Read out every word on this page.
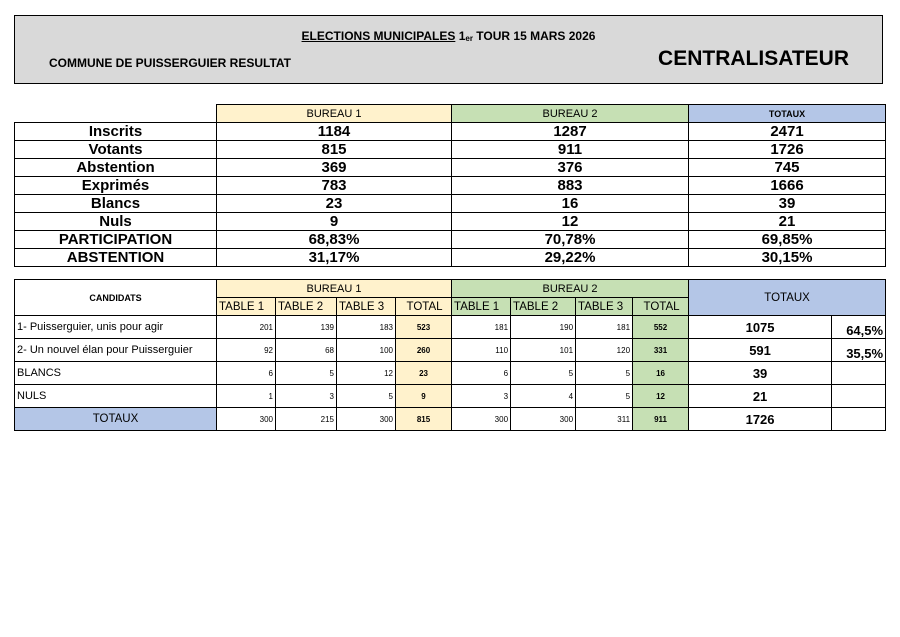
ELECTIONS MUNICIPALES 1er TOUR 15 MARS 2026
COMMUNE DE PUISSERGUIER RESULTAT	CENTRALISATEUR
	BUREAU 1	BUREAU 2	TOTAUX
Inscrits	1184	1287	2471
Votants	815	911	1726
Abstention	369	376	745
Exprimés	783	883	1666
Blancs	23	16	39
Nuls	9	12	21
PARTICIPATION	68,83%	70,78%	69,85%
ABSTENTION	31,17%	29,22%	30,15%
CANDIDATS	BUREAU 1				BUREAU 2				TOTAUX	
	TABLE 1	TABLE 2	TABLE 3	TOTAL	TABLE 1	TABLE 2	TABLE 3	TOTAL		
1- Puisserguier, unis pour agir	201	139	183	523	181	190	181	552	1075	64,5%
2- Un nouvel élan pour Puisserguier	92	68	100	260	110	101	120	331	591	35,5%
BLANCS	6	5	12	23	6	5	5	16	39	
NULS	1	3	5	9	3	4	5	12	21	
TOTAUX	300	215	300	815	300	300	311	911	1726	
